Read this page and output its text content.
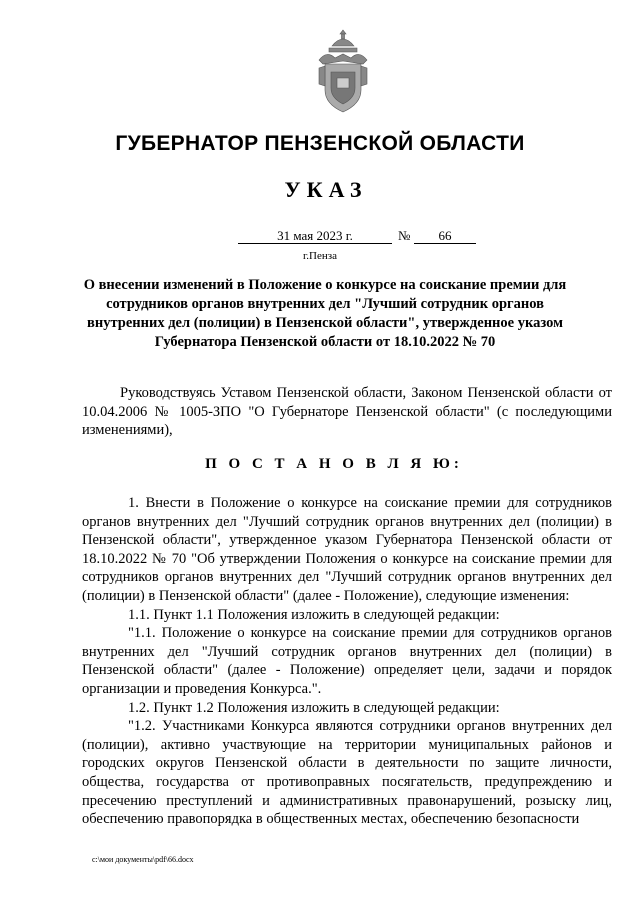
ГУБЕРНАТОР ПЕНЗЕНСКОЙ ОБЛАСТИ
УКАЗ
31 мая 2023 г.	№	66
г.Пенза
О внесении изменений в Положение о конкурсе на соискание премии для сотрудников органов внутренних дел "Лучший сотрудник органов внутренних дел (полиции) в Пензенской области", утвержденное указом Губернатора Пензенской области от 18.10.2022 № 70

Руководствуясь Уставом Пензенской области, Законом Пензенской области от 10.04.2006 № 1005-ЗПО "О Губернаторе Пензенской области" (с последующими изменениями),

П О С Т А Н О В Л Я Ю:

1. Внести в Положение о конкурсе на соискание премии для сотрудников органов внутренних дел "Лучший сотрудник органов внутренних дел (полиции) в Пензенской области", утвержденное указом Губернатора Пензенской области от 18.10.2022 № 70 "Об утверждении Положения о конкурсе на соискание премии для сотрудников органов внутренних дел "Лучший сотрудник органов внутренних дел (полиции) в Пензенской области" (далее - Положение), следующие изменения:

1.1. Пункт 1.1 Положения изложить в следующей редакции:

"1.1. Положение о конкурсе на соискание премии для сотрудников органов внутренних дел "Лучший сотрудник органов внутренних дел (полиции) в Пензенской области" (далее - Положение) определяет цели, задачи и порядок организации и проведения Конкурса.".

1.2. Пункт 1.2 Положения изложить в следующей редакции:

"1.2. Участниками Конкурса являются сотрудники органов внутренних дел (полиции), активно участвующие на территории муниципальных районов и городских округов Пензенской области в деятельности по защите личности, общества, государства от противоправных посягательств, предупреждению и пресечению преступлений и административных правонарушений, розыску лиц, обеспечению правопорядка в общественных местах, обеспечению безопасности

c:\мои документы\pdf\66.docx
